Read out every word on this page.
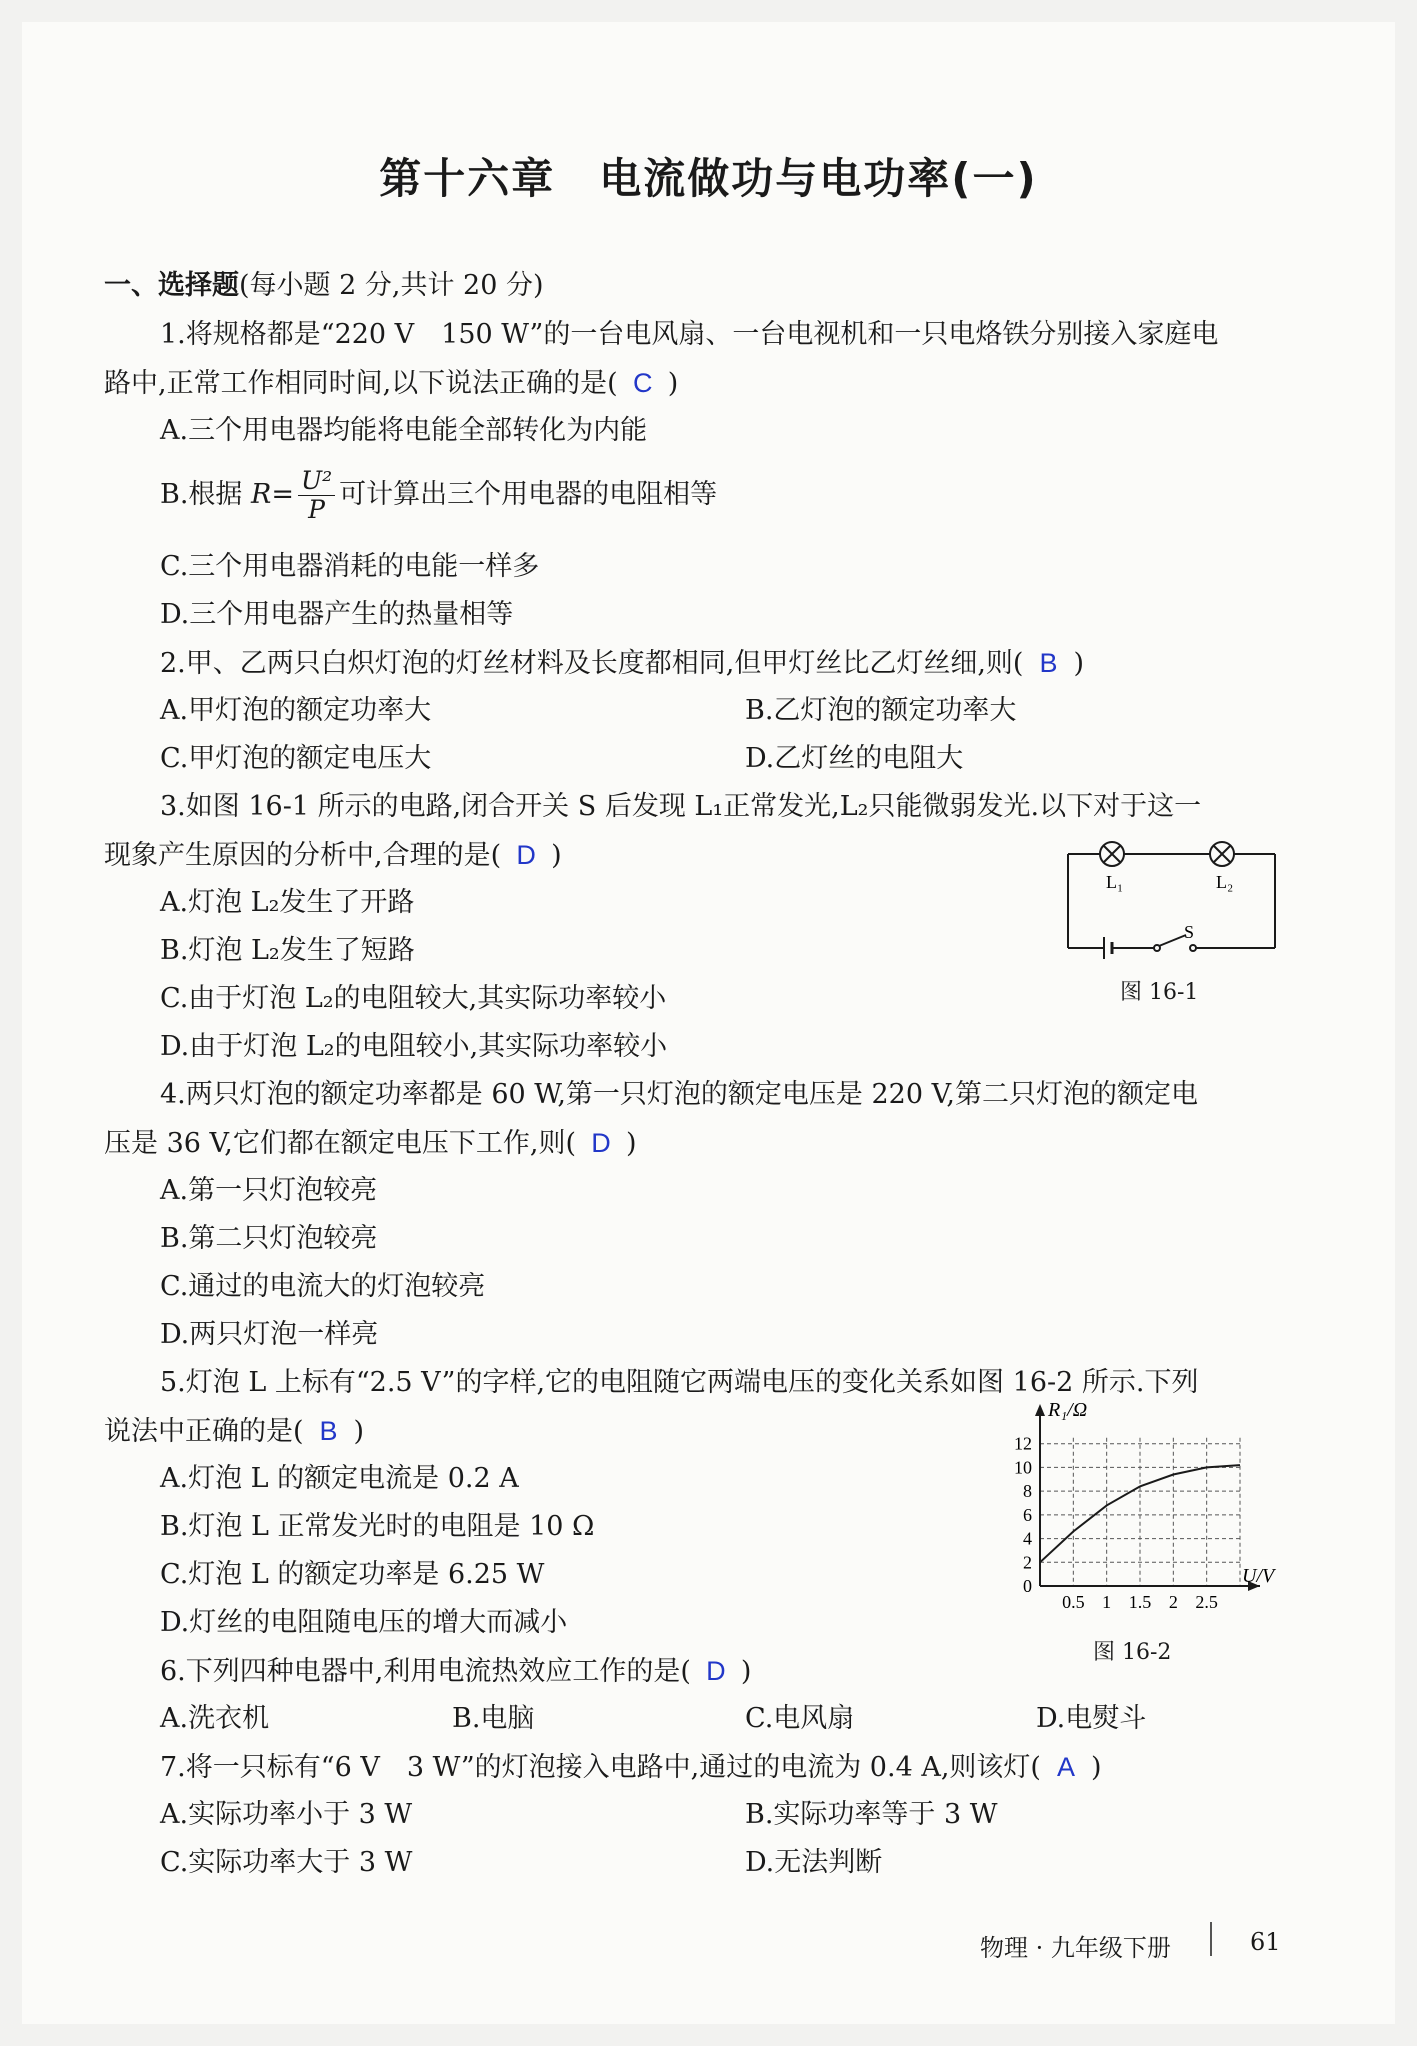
第十六章　电流做功与电功率(一)
一、选择题(每小题 2 分,共计 20 分)
1.将规格都是“220 V　150 W”的一台电风扇、一台电视机和一只电烙铁分别接入家庭电
路中,正常工作相同时间,以下说法正确的是( C )
A.三个用电器均能将电能全部转化为内能
B.根据 $R= \frac{\text{U²}}{P}$ 可计算出三个用电器的电阻相等
C.三个用电器消耗的电能一样多
D.三个用电器产生的热量相等
2.甲、乙两只白炽灯泡的灯丝材料及长度都相同,但甲灯丝比乙灯丝细,则( B )
A.甲灯泡的额定功率大	B.乙灯泡的额定功率大
C.甲灯泡的额定电压大	D.乙灯丝的电阻大
3.如图 16-1 所示的电路,闭合开关 S 后发现 L₁正常发光,L₂只能微弱发光.以下对于这一
现象产生原因的分析中,合理的是( D )
A.灯泡 L₂发生了开路
B.灯泡 L₂发生了短路
C.由于灯泡 L₂的电阻较大,其实际功率较小
D.由于灯泡 L₂的电阻较小,其实际功率较小
L₁	L₂
S
图 16-1
4.两只灯泡的额定功率都是 60 W,第一只灯泡的额定电压是 220 V,第二只灯泡的额定电
压是 36 V,它们都在额定电压下工作,则( D )
A.第一只灯泡较亮
B.第二只灯泡较亮
C.通过的电流大的灯泡较亮
D.两只灯泡一样亮
5.灯泡 L 上标有“2.5 V”的字样,它的电阻随它两端电压的变化关系如图 16-2 所示.下列
说法中正确的是( B )
A.灯泡 L 的额定电流是 0.2 A
B.灯泡 L 正常发光时的电阻是 10 Ω
C.灯泡 L 的额定功率是 6.25 W
D.灯丝的电阻随电压的增大而减小
0.5 1 1.5 2 2.5
0
2
4
6
8
10
12
U/V
R₁/Ω
图 16-2
6.下列四种电器中,利用电流热效应工作的是( D )
A.洗衣机	B.电脑	C.电风扇	D.电熨斗
7.将一只标有“6 V　3 W”的灯泡接入电路中,通过的电流为 0.4 A,则该灯( A )
A.实际功率小于 3 W	B.实际功率等于 3 W
C.实际功率大于 3 W	D.无法判断
物理 · 九年级下册	61
